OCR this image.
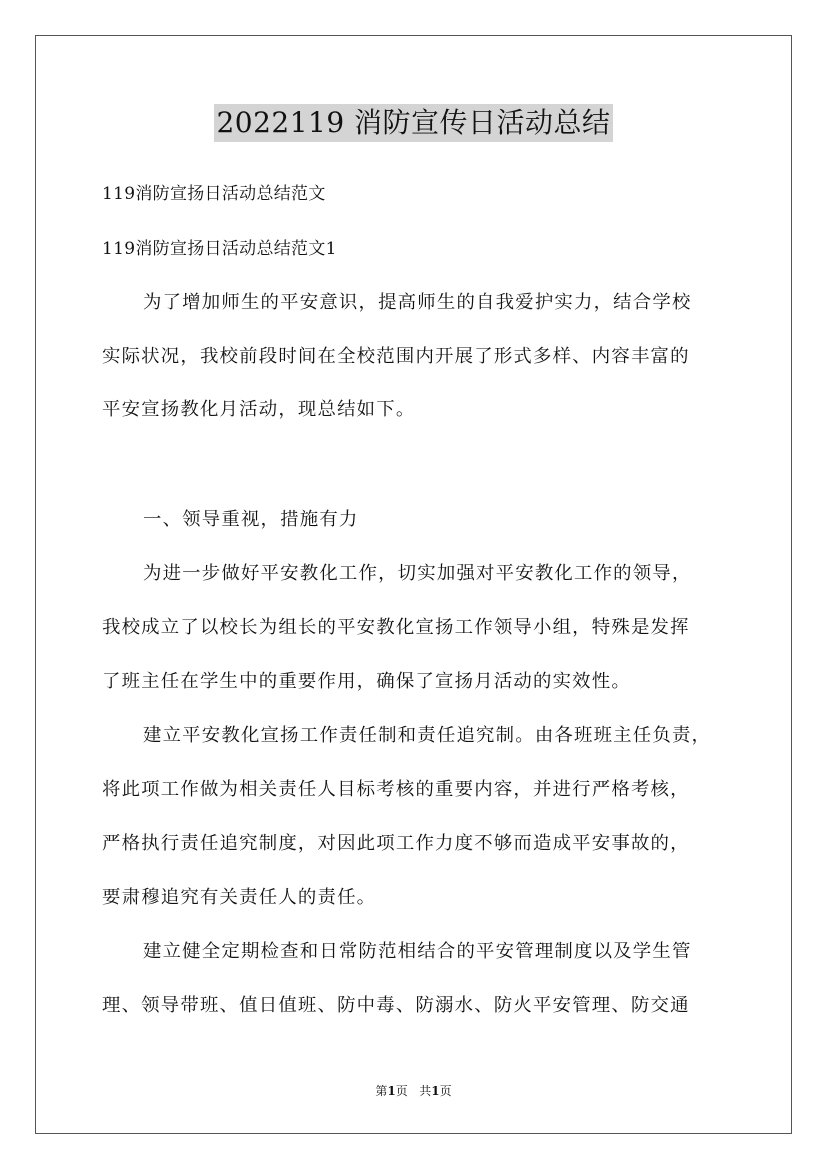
2022119 消防宣传日活动总结
119消防宣扬日活动总结范文
119消防宣扬日活动总结范文1
为了增加师生的平安意识，提高师生的自我爱护实力，结合学校
实际状况，我校前段时间在全校范围内开展了形式多样、内容丰富的
平安宣扬教化月活动，现总结如下。
一、领导重视，措施有力
为进一步做好平安教化工作，切实加强对平安教化工作的领导，
我校成立了以校长为组长的平安教化宣扬工作领导小组，特殊是发挥
了班主任在学生中的重要作用，确保了宣扬月活动的实效性。
建立平安教化宣扬工作责任制和责任追究制。由各班班主任负责，
将此项工作做为相关责任人目标考核的重要内容，并进行严格考核，
严格执行责任追究制度，对因此项工作力度不够而造成平安事故的，
要肃穆追究有关责任人的责任。
建立健全定期检查和日常防范相结合的平安管理制度以及学生管
理、领导带班、值日值班、防中毒、防溺水、防火平安管理、防交通
第1页 共1页
